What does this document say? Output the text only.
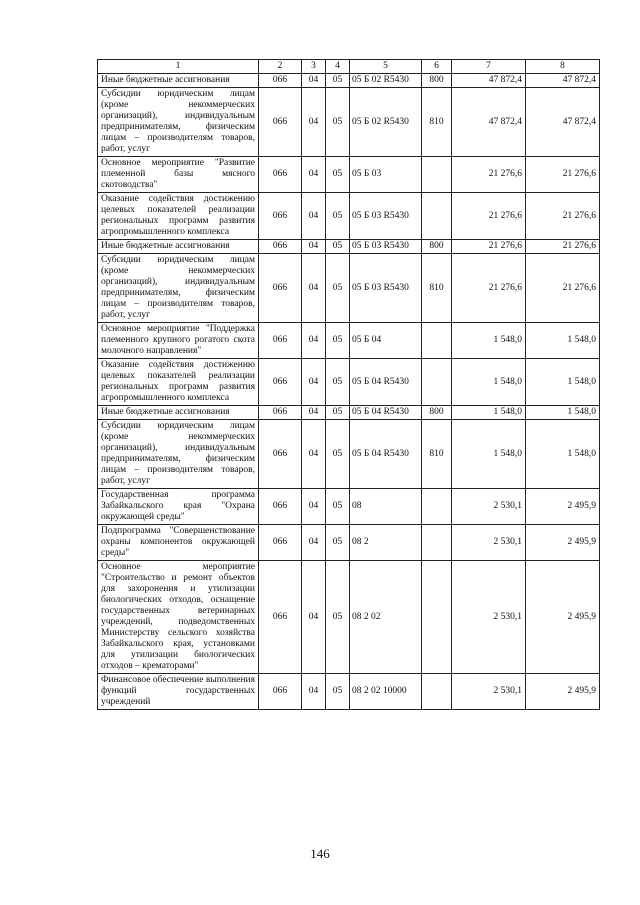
1	2	3	4	5	6	7	8
Иные бюджетные ассигнования	066	04	05	05 Б 02 R5430	800	47 872,4	47 872,4
Субсидии юридическим лицам (кроме некоммерческих организаций), индивидуальным предпринимателям, физическим лицам – производителям товаров, работ, услуг	066	04	05	05 Б 02 R5430	810	47 872,4	47 872,4
Основное мероприятие "Развитие племенной базы мясного скотоводства"	066	04	05	05 Б 03		21 276,6	21 276,6
Оказание содействия достижению целевых показателей реализации региональных программ развития агропромышленного комплекса	066	04	05	05 Б 03 R5430		21 276,6	21 276,6
Иные бюджетные ассигнования	066	04	05	05 Б 03 R5430	800	21 276,6	21 276,6
Субсидии юридическим лицам (кроме некоммерческих организаций), индивидуальным предпринимателям, физическим лицам – производителям товаров, работ, услуг	066	04	05	05 Б 03 R5430	810	21 276,6	21 276,6
Основное мероприятие "Поддержка племенного крупного рогатого скота молочного направления"	066	04	05	05 Б 04		1 548,0	1 548,0
Оказание содействия достижению целевых показателей реализации региональных программ развития агропромышленного комплекса	066	04	05	05 Б 04 R5430		1 548,0	1 548,0
Иные бюджетные ассигнования	066	04	05	05 Б 04 R5430	800	1 548,0	1 548,0
Субсидии юридическим лицам (кроме некоммерческих организаций), индивидуальным предпринимателям, физическим лицам – производителям товаров, работ, услуг	066	04	05	05 Б 04 R5430	810	1 548,0	1 548,0
Государственная программа Забайкальского края "Охрана окружающей среды"	066	04	05	08		2 530,1	2 495,9
Подпрограмма "Совершенствование охраны компонентов окружающей среды"	066	04	05	08 2		2 530,1	2 495,9
Основное мероприятие "Строительство и ремонт объектов для захоронения и утилизации биологических отходов, оснащение государственных ветеринарных учреждений, подведомственных Министерству сельского хозяйства Забайкальского края, установками для утилизации биологических отходов – крематорами"	066	04	05	08 2 02		2 530,1	2 495,9
Финансовое обеспечение выполнения функций государственных учреждений	066	04	05	08 2 02 10000		2 530,1	2 495,9
146
